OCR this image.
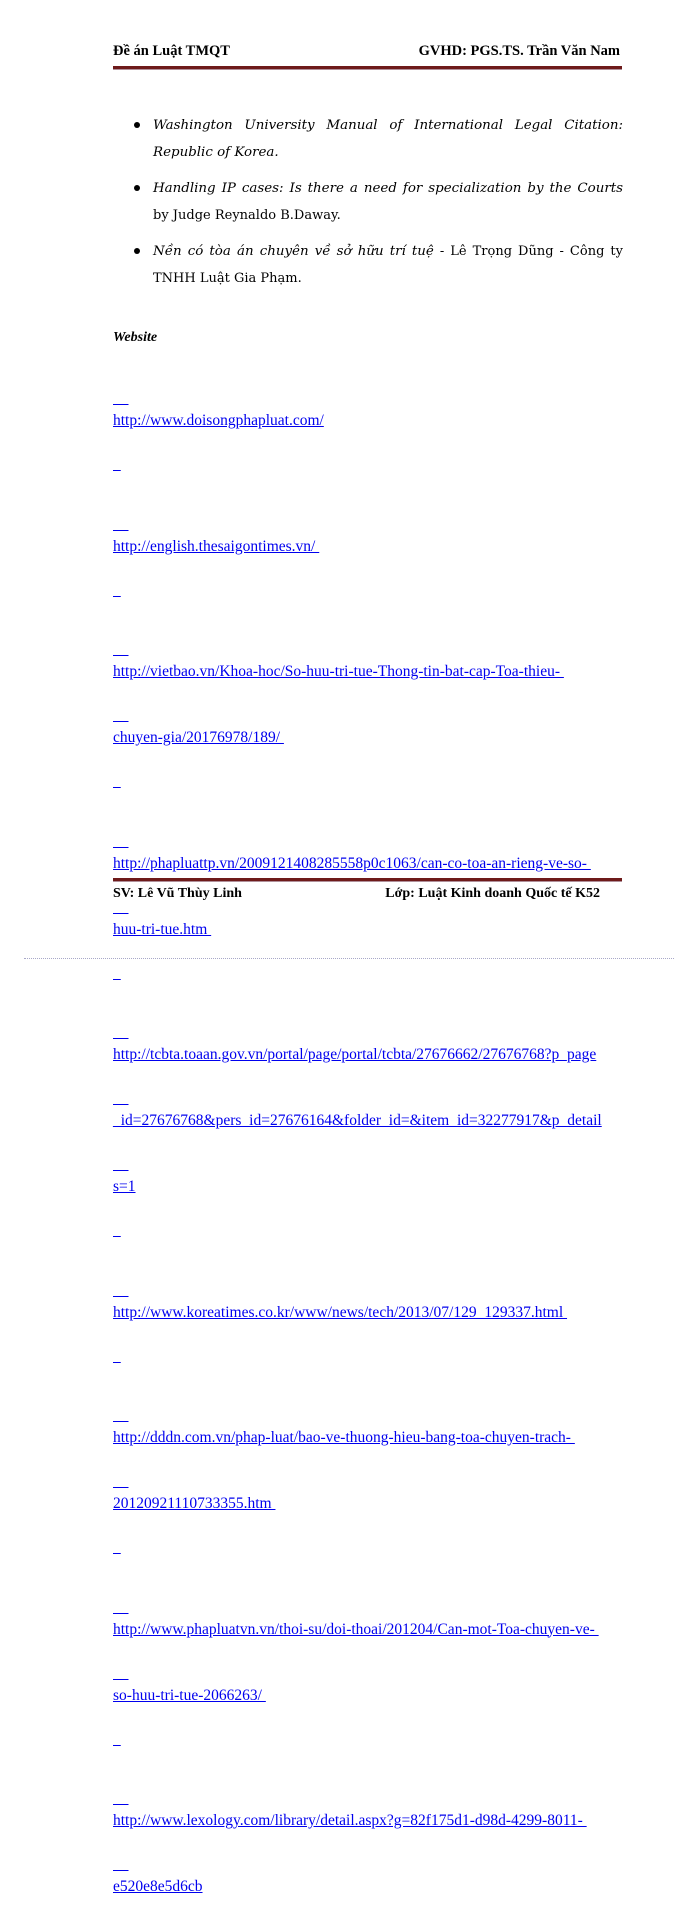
Đề án Luật TMQT	GVHD: PGS.TS. Trần Văn Nam
Washington University Manual of International Legal Citation: Republic of Korea.
Handling IP cases: Is there a need for specialization by the Courts by Judge Reynaldo B.Daway.
Nền có tòa án chuyên về sở hữu trí tuệ - Lê Trọng Dũng - Công ty TNHH Luật Gia Phạm.
Website

http://www.doisongphapluat.com/

http://english.thesaigontimes.vn/

http://vietbao.vn/Khoa-hoc/So-huu-tri-tue-Thong-tin-bat-cap-Toa-thieu-

chuyen-gia/20176978/189/

http://phapluattp.vn/2009121408285558p0c1063/can-co-toa-an-rieng-ve-so-

huu-tri-tue.htm

http://tcbta.toaan.gov.vn/portal/page/portal/tcbta/27676662/27676768?p_page

_id=27676768&pers_id=27676164&folder_id=&item_id=32277917&p_detail

s=1

http://www.koreatimes.co.kr/www/news/tech/2013/07/129_129337.html

http://dddn.com.vn/phap-luat/bao-ve-thuong-hieu-bang-toa-chuyen-trach-

20120921110733355.htm

http://www.phapluatvn.vn/thoi-su/doi-thoai/201204/Can-mot-Toa-chuyen-ve-

so-huu-tri-tue-2066263/

http://www.lexology.com/library/detail.aspx?g=82f175d1-d98d-4299-8011-

e520e8e5d6cb

SV: Lê Vũ Thùy Linh	Lớp: Luật Kinh doanh Quốc tế K52
